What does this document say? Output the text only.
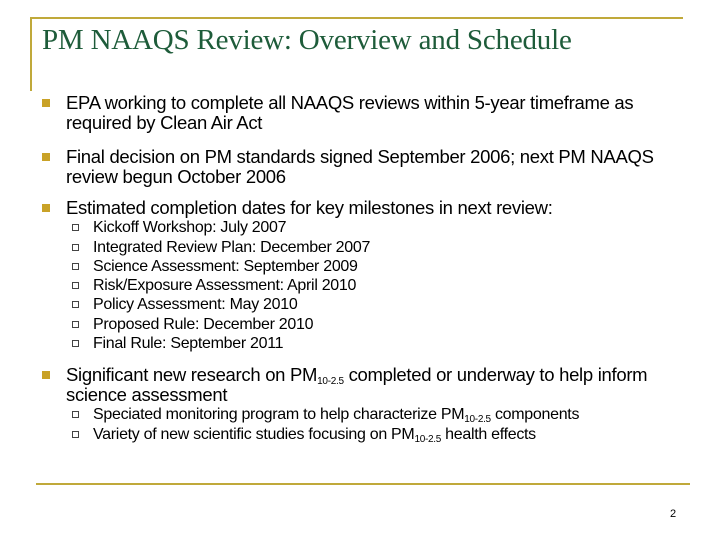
PM NAAQS Review: Overview and Schedule
EPA working to complete all NAAQS reviews within 5-year timeframe as required by Clean Air Act
Final decision on PM standards signed September 2006; next PM NAAQS review begun October 2006
Estimated completion dates for key milestones in next review:
Kickoff Workshop: July 2007
Integrated Review Plan: December 2007
Science Assessment: September 2009
Risk/Exposure Assessment: April 2010
Policy Assessment: May 2010
Proposed Rule: December 2010
Final Rule: September 2011
Significant new research on $PM_{10-2.5}$ completed or underway to help inform science assessment
Speciated monitoring program to help characterize $PM_{10-2.5}$ components
Variety of new scientific studies focusing on $PM_{10-2.5}$ health effects
2
